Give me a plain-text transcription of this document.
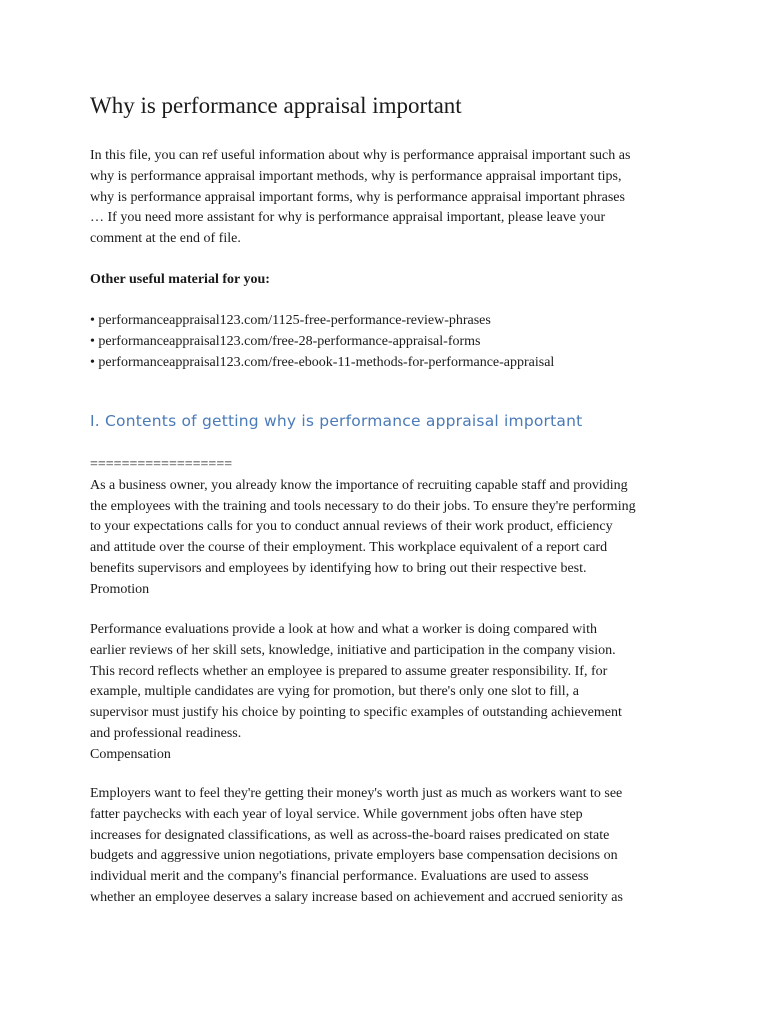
Why is performance appraisal important
In this file, you can ref useful information about why is performance appraisal important such as
why is performance appraisal important methods, why is performance appraisal important tips,
why is performance appraisal important forms, why is performance appraisal important phrases
… If you need more assistant for why is performance appraisal important, please leave your
comment at the end of file.
Other useful material for you:
• performanceappraisal123.com/1125-free-performance-review-phrases
• performanceappraisal123.com/free-28-performance-appraisal-forms
• performanceappraisal123.com/free-ebook-11-methods-for-performance-appraisal
I. Contents of getting why is performance appraisal important
==================
As a business owner, you already know the importance of recruiting capable staff and providing
the employees with the training and tools necessary to do their jobs. To ensure they're performing
to your expectations calls for you to conduct annual reviews of their work product, efficiency
and attitude over the course of their employment. This workplace equivalent of a report card
benefits supervisors and employees by identifying how to bring out their respective best.
Promotion
Performance evaluations provide a look at how and what a worker is doing compared with
earlier reviews of her skill sets, knowledge, initiative and participation in the company vision.
This record reflects whether an employee is prepared to assume greater responsibility. If, for
example, multiple candidates are vying for promotion, but there's only one slot to fill, a
supervisor must justify his choice by pointing to specific examples of outstanding achievement
and professional readiness.
Compensation
Employers want to feel they're getting their money's worth just as much as workers want to see
fatter paychecks with each year of loyal service. While government jobs often have step
increases for designated classifications, as well as across-the-board raises predicated on state
budgets and aggressive union negotiations, private employers base compensation decisions on
individual merit and the company's financial performance. Evaluations are used to assess
whether an employee deserves a salary increase based on achievement and accrued seniority as
